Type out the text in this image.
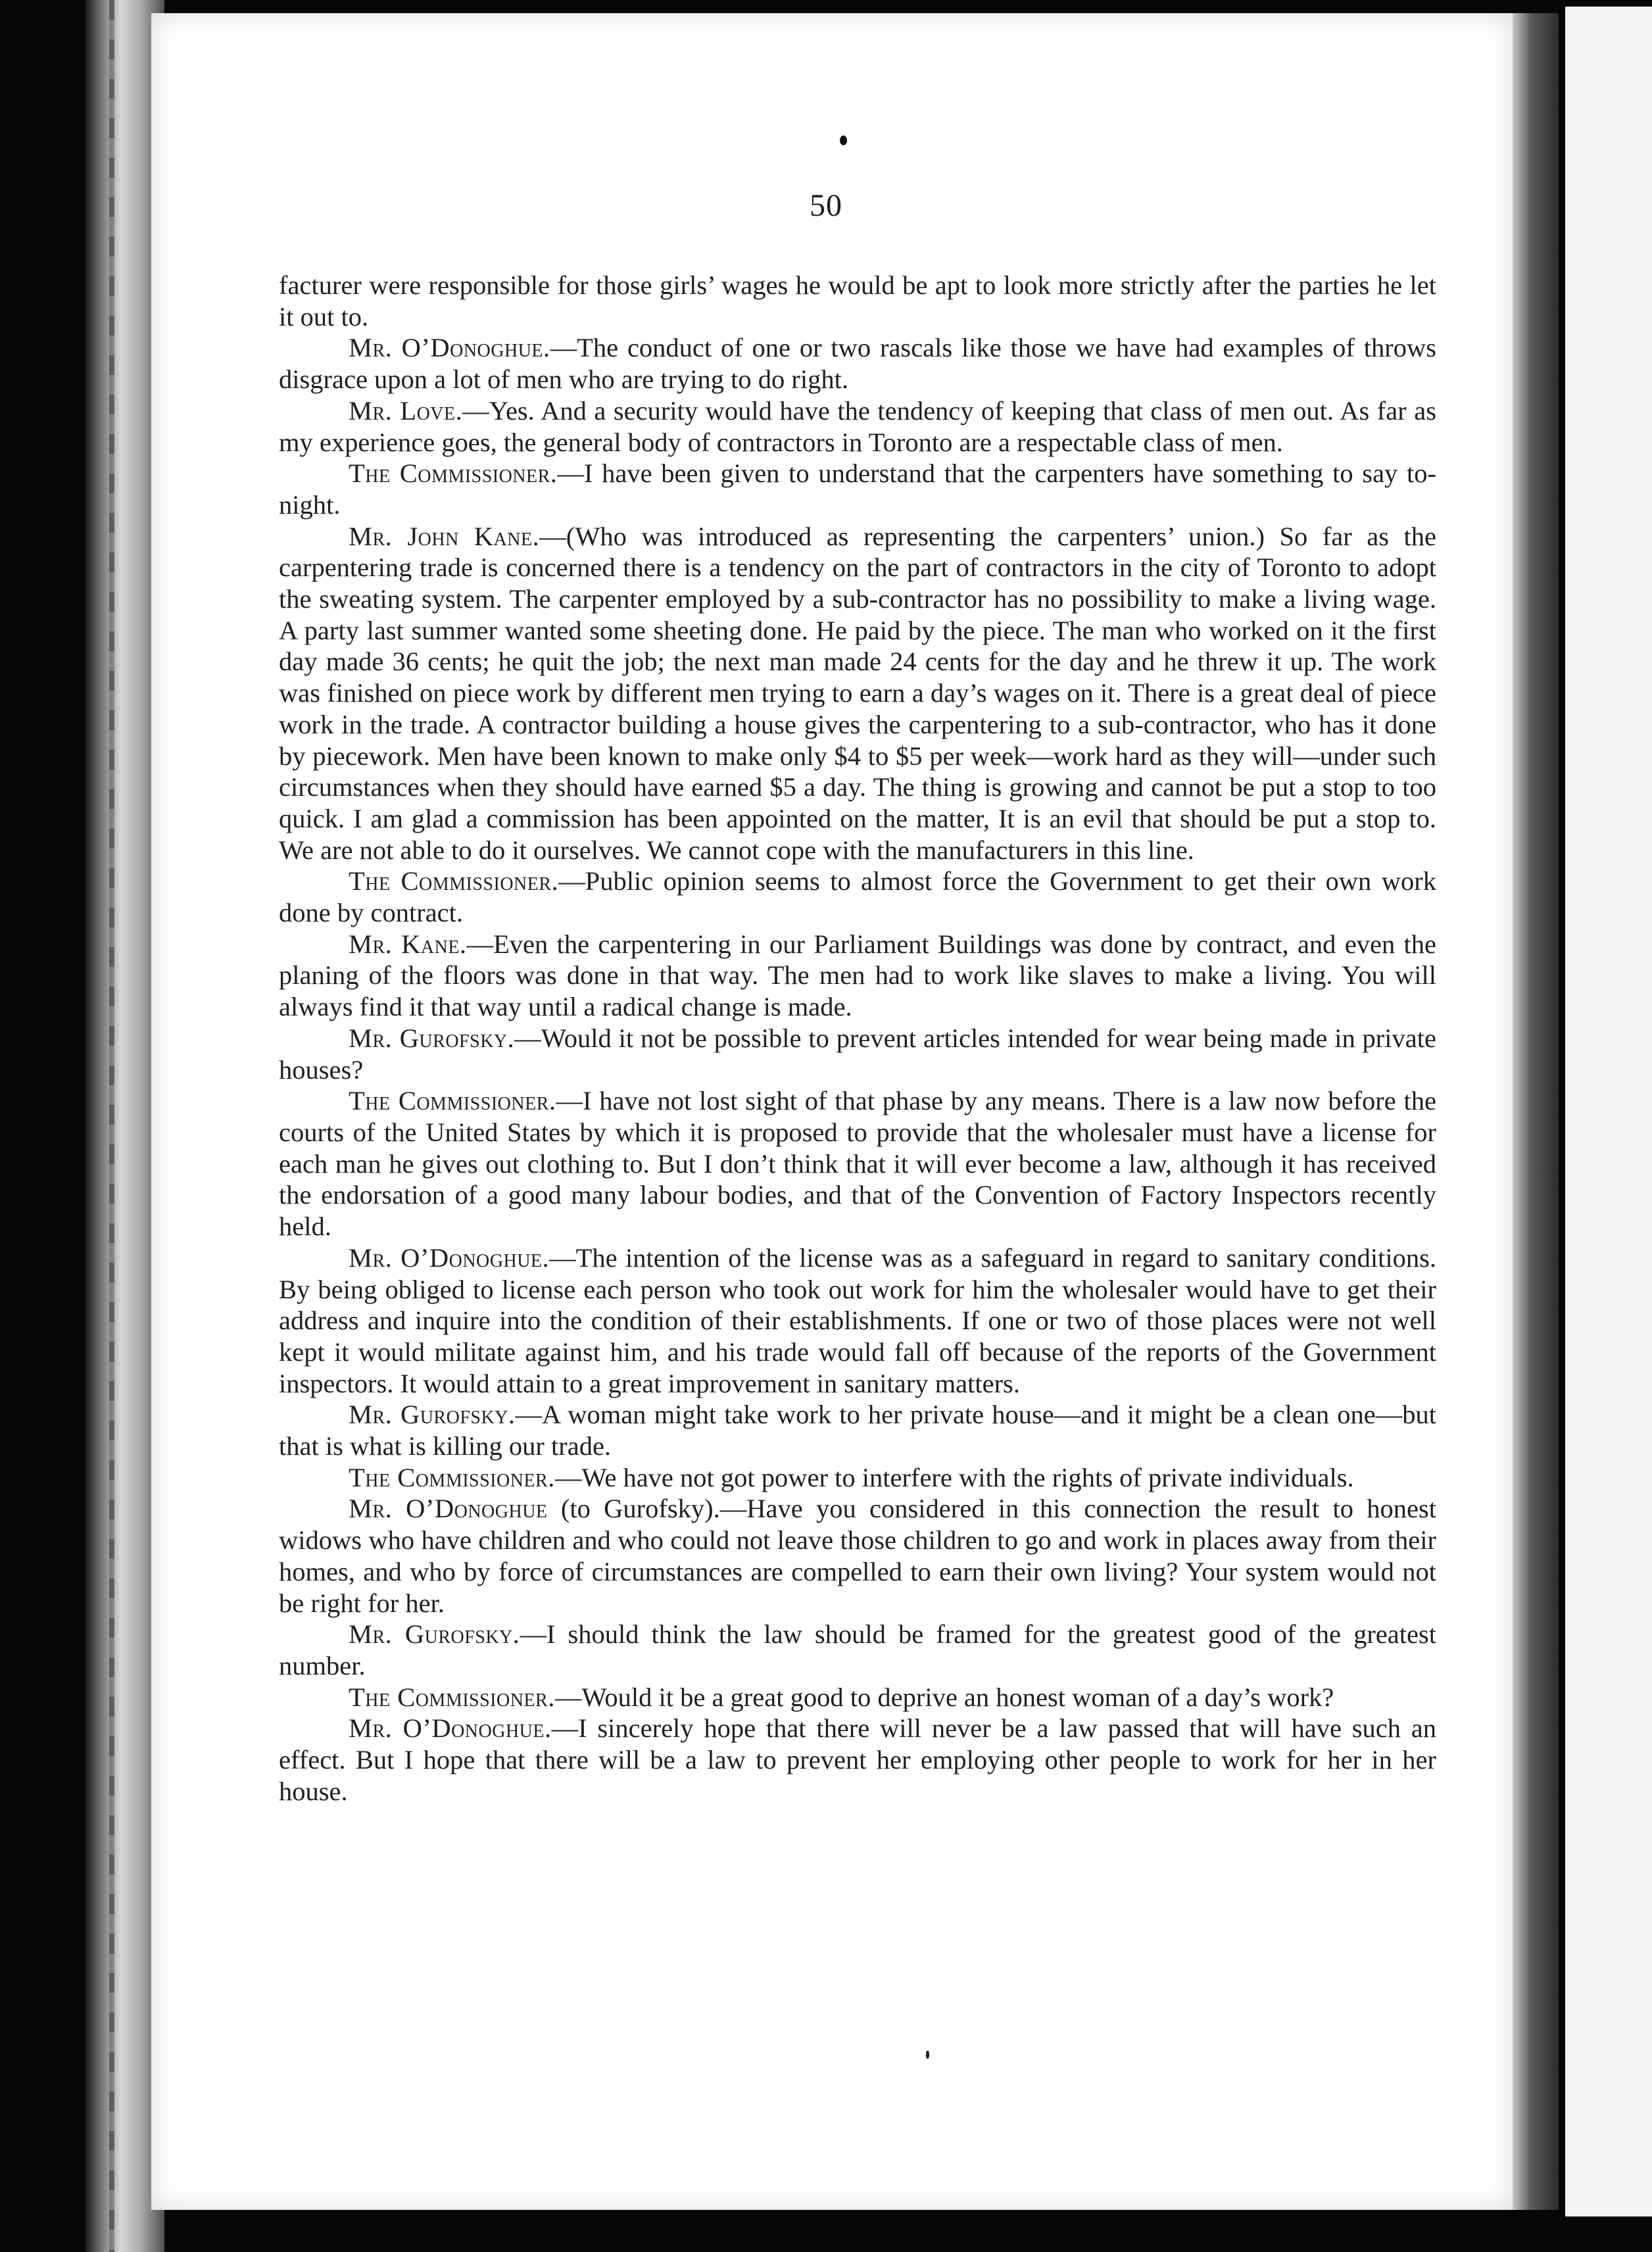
50

facturer were responsible for those girls’ wages he would be apt to look more strictly after the parties he let it out to.

Mr. O’Donoghue.—The conduct of one or two rascals like those we have had examples of throws disgrace upon a lot of men who are trying to do right.

Mr. Love.—Yes. And a security would have the tendency of keeping that class of men out. As far as my experience goes, the general body of contractors in Toronto are a respectable class of men.

The Commissioner.—I have been given to understand that the carpenters have something to say to-night.

Mr. John Kane.—(Who was introduced as representing the carpenters’ union.) So far as the carpentering trade is concerned there is a tendency on the part of contractors in the city of Toronto to adopt the sweating system. The carpenter employed by a sub-contractor has no possibility to make a living wage. A party last summer wanted some sheeting done. He paid by the piece. The man who worked on it the first day made 36 cents; he quit the job; the next man made 24 cents for the day and he threw it up. The work was finished on piece work by different men trying to earn a day’s wages on it. There is a great deal of piece work in the trade. A contractor building a house gives the carpentering to a sub-contractor, who has it done by piecework. Men have been known to make only $4 to $5 per week—work hard as they will—under such circumstances when they should have earned $5 a day. The thing is growing and cannot be put a stop to too quick. I am glad a commission has been appointed on the matter, It is an evil that should be put a stop to. We are not able to do it ourselves. We cannot cope with the manufacturers in this line.

The Commissioner.—Public opinion seems to almost force the Government to get their own work done by contract.

Mr. Kane.—Even the carpentering in our Parliament Buildings was done by contract, and even the planing of the floors was done in that way. The men had to work like slaves to make a living. You will always find it that way until a radical change is made.

Mr. Gurofsky.—Would it not be possible to prevent articles intended for wear being made in private houses?

The Commissioner.—I have not lost sight of that phase by any means. There is a law now before the courts of the United States by which it is proposed to provide that the wholesaler must have a license for each man he gives out clothing to. But I don’t think that it will ever become a law, although it has received the endorsation of a good many labour bodies, and that of the Convention of Factory Inspectors recently held.

Mr. O’Donoghue.—The intention of the license was as a safeguard in regard to sanitary conditions. By being obliged to license each person who took out work for him the wholesaler would have to get their address and inquire into the condition of their establishments. If one or two of those places were not well kept it would militate against him, and his trade would fall off because of the reports of the Government inspectors. It would attain to a great improvement in sanitary matters.

Mr. Gurofsky.—A woman might take work to her private house—and it might be a clean one—but that is what is killing our trade.

The Commissioner.—We have not got power to interfere with the rights of private individuals.

Mr. O’Donoghue (to Gurofsky).—Have you considered in this connection the result to honest widows who have children and who could not leave those children to go and work in places away from their homes, and who by force of circumstances are compelled to earn their own living? Your system would not be right for her.

Mr. Gurofsky.—I should think the law should be framed for the greatest good of the greatest number.

The Commissioner.—Would it be a great good to deprive an honest woman of a day’s work?

Mr. O’Donoghue.—I sincerely hope that there will never be a law passed that will have such an effect. But I hope that there will be a law to prevent her employing other people to work for her in her house.
